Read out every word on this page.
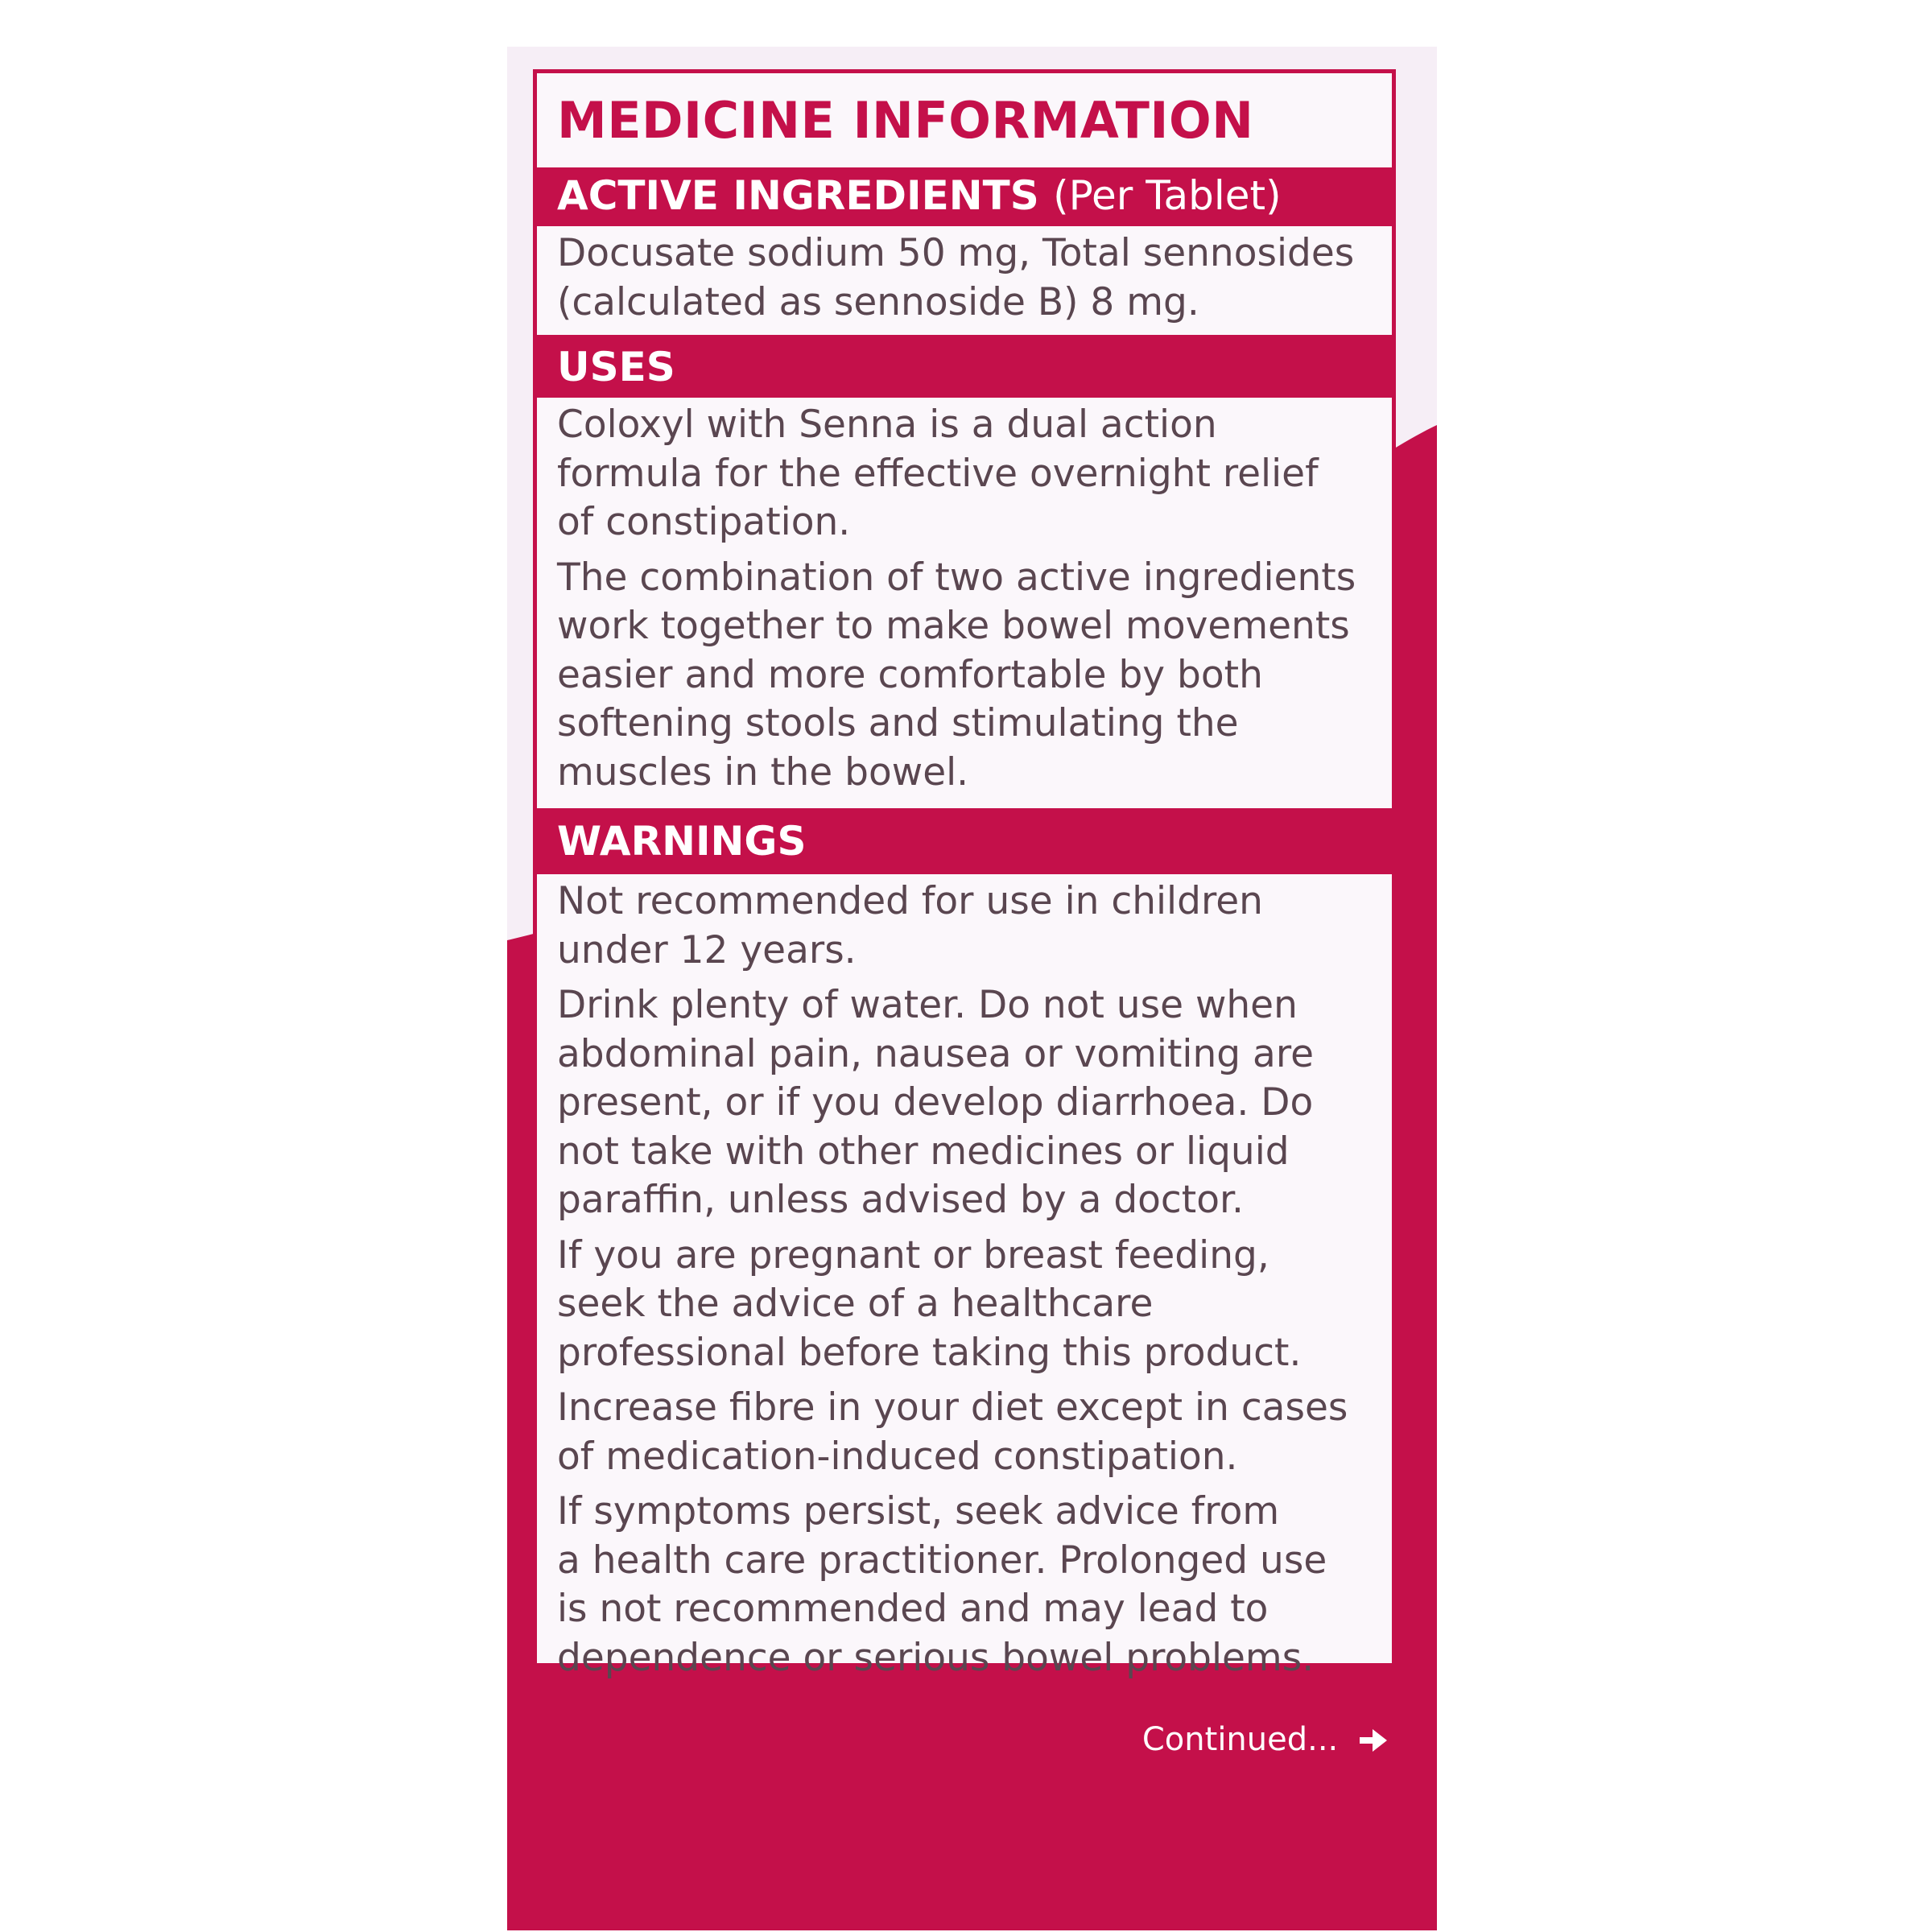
MEDICINE INFORMATION
ACTIVE INGREDIENTS (Per Tablet)

Docusate sodium 50 mg, Total sennosides

(calculated as sennoside B) 8 mg.

USES

Coloxyl with Senna is a dual action

formula for the effective overnight relief

of constipation.

The combination of two active ingredients

work together to make bowel movements

easier and more comfortable by both

softening stools and stimulating the

muscles in the bowel.

WARNINGS

Not recommended for use in children

under 12 years.

Drink plenty of water. Do not use when

abdominal pain, nausea or vomiting are

present, or if you develop diarrhoea. Do

not take with other medicines or liquid

paraffin, unless advised by a doctor.

If you are pregnant or breast feeding,

seek the advice of a healthcare

professional before taking this product.

Increase fibre in your diet except in cases

of medication-induced constipation.

If symptoms persist, seek advice from

a health care practitioner. Prolonged use

is not recommended and may lead to

dependence or serious bowel problems.

Continued...
